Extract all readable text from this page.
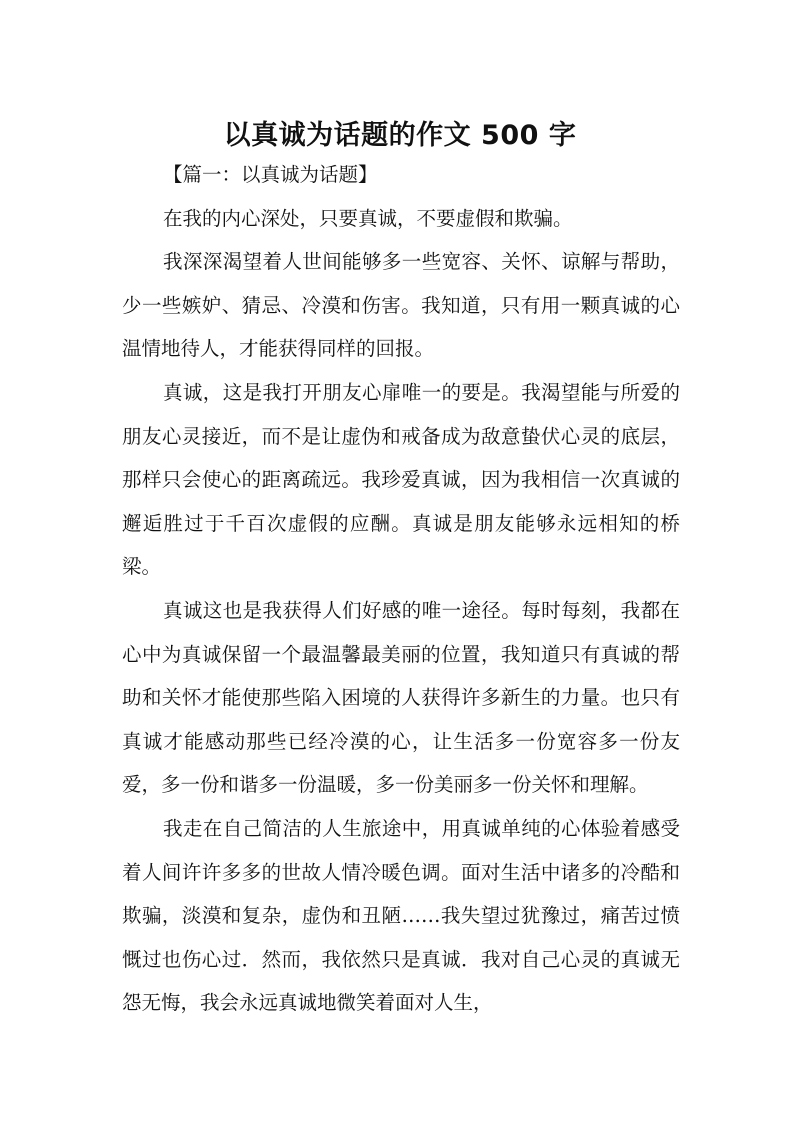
以真诚为话题的作文 500 字

【篇一：以真诚为话题】

在我的内心深处，只要真诚，不要虚假和欺骗。

我深深渴望着人世间能够多一些宽容、关怀、谅解与帮助，少一些嫉妒、猜忌、冷漠和伤害。我知道，只有用一颗真诚的心温情地待人，才能获得同样的回报。

真诚，这是我打开朋友心扉唯一的要是。我渴望能与所爱的朋友心灵接近，而不是让虚伪和戒备成为敌意蛰伏心灵的底层，那样只会使心的距离疏远。我珍爱真诚，因为我相信一次真诚的邂逅胜过于千百次虚假的应酬。真诚是朋友能够永远相知的桥梁。

真诚这也是我获得人们好感的唯一途径。每时每刻，我都在心中为真诚保留一个最温馨最美丽的位置，我知道只有真诚的帮助和关怀才能使那些陷入困境的人获得许多新生的力量。也只有真诚才能感动那些已经冷漠的心，让生活多一份宽容多一份友爱，多一份和谐多一份温暖，多一份美丽多一份关怀和理解。

我走在自己简洁的人生旅途中，用真诚单纯的心体验着感受着人间许许多多的世故人情冷暖色调。面对生活中诸多的冷酷和欺骗，淡漠和复杂，虚伪和丑陋……我失望过犹豫过，痛苦过愤慨过也伤心过．然而，我依然只是真诚．我对自己心灵的真诚无怨无悔，我会永远真诚地微笑着面对人生，
